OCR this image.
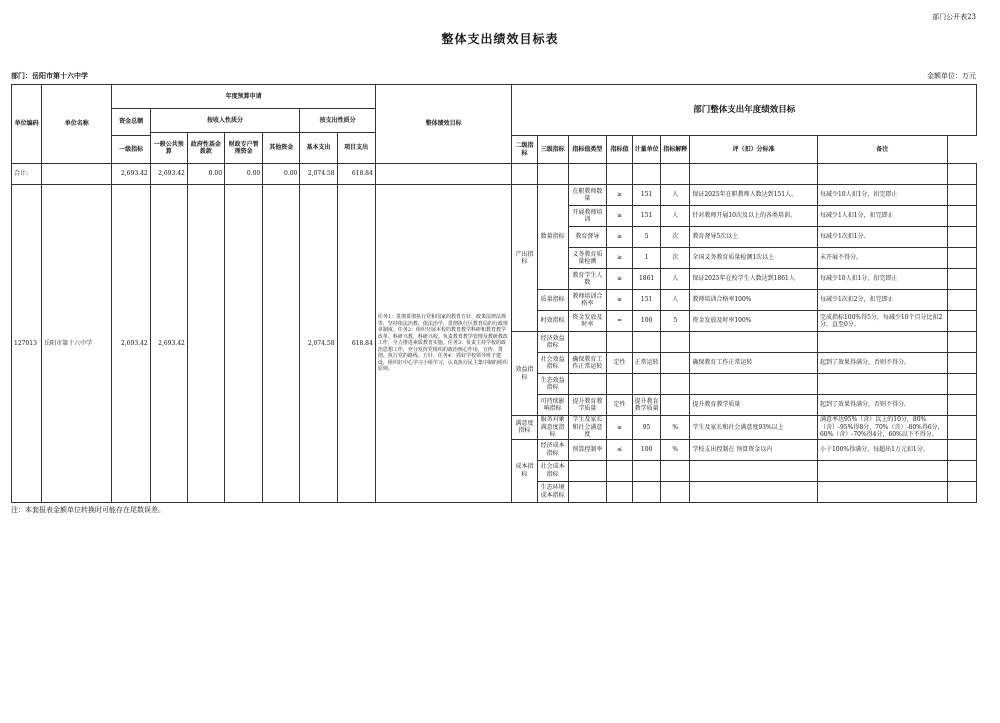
部门公开表23
整体支出绩效目标表
部门：岳阳市第十六中学	金额单位：万元
单位编码	单位名称	年度预算申请							整体绩效目标	部门整体支出年度绩效目标								
		资金总额	按收入性质分				按支出性质分											
			一般公共预算	政府性基金拨款	财政专户管理资金	其他资金	基本支出	项目支出										
		一级指标								二级指标	三级指标	指标值类型	指标值	计量单位	指标解释	评（扣）分标准	备注	
合计:		2,693.42	2,693.42	0.00	0.00	0.00	2,074.58	618.84										
127013	岳阳市第十六中学	2,693.42	2,693.42				2,074.58	618.84	任务1：贯彻贯彻执行党和国家的教育方针、政策法律法规等，坚持依法治教、依法治学，贯彻执行区教育局的行政规章制度。任务2：组织开展本校的教育教学科研和教育教学改革、科研兴教、科研兴校。负责教育教学管理及教研教改工作，全力推进素质教育实施。任务3：负责主持学校的政治思想工作，充分发挥党组织的政治核心作用，宣传、贯彻、执行党的路线、方针。任务4：抓好学校领导班子建设，组织好中心学习小组学习，认真执行民主集中制的组织原则。	产出指标	数量指标	在职教师数量	≥	151	人	保证2025年在职教师人数达到151人。	每减少10人扣1分，扣完即止	
												开展教师培训	≥	151	人	针对教师开展10次及以上的各类培训。	每减少1人扣1分，扣完即止	
												教育督导	≥	5	次	教育督导5次以上	每减少1次扣1分。	
												义务教育质量检测	≥	1	次	全国义务教育质量检测1次以上	未开展不得分。	
												教育学生人数	≥	1861	人	保证2025年在校学生人数达到1861人	每减少10人扣1分，扣完即止	
											质量指标	教师培训合格率	≥	151	人	教师培训合格率100%	每减少1次扣2分，扣完即止	
											时效指标	资金发放及时率	=	100	5	资金发放及时率100%	完成指标100%得5分，每减少10个百分比扣2分，直至0分。	
										效益指标	经济效益指标							
											社会效益指标	确保教育工作正常运转	定性	正常运转		确保教育工作正常运转	起到了效果得满分，否则不得分。	
											生态效益指标							
											可持续影响指标	提升教育教学质量	定性	提升教育教学质量		提升教育教学质量	起到了效果得满分，否则不得分。	
										满意度指标	服务对象满意度指标	学生及家长和社会满意度	≥	95	%	学生及家长和社会满意度93%以上	满意率达95%（含）以上的10分，80%（含）-95%得8分，70%（含）-80%得6分，60%（含）-70%得4分，60%以下不得分。	
										成本指标	经济成本指标	预算控制率	≤	100	%	学校支出控制在 预算资金以内	小于100%得满分，每超出1万元扣1分。	
											社会成本指标							
											生态环境成本指标							
注：本套报表金额单位转换时可能存在尾数误差。
